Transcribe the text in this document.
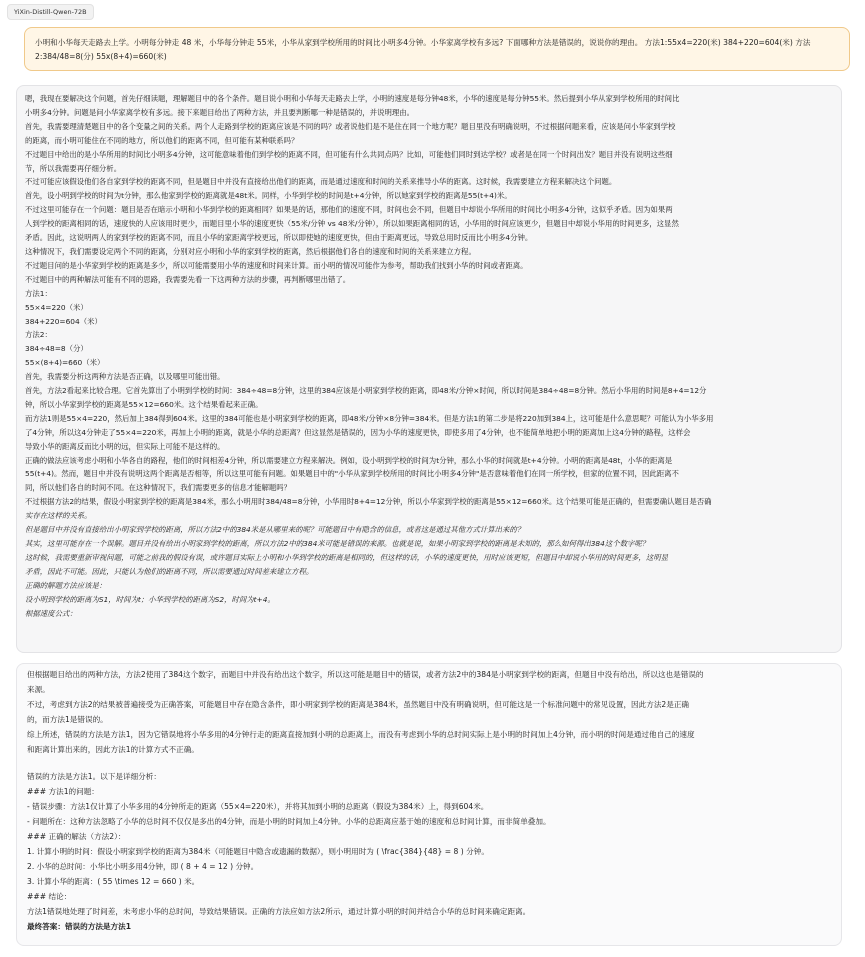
YiXin-Distill-Qwen-72B
小明和小华每天走路去上学。小明每分钟走 48 米，小华每分钟走 55米，小华从家到学校所用的时间比小明多4分钟。小华家离学校有多远? 下面哪种方法是错误的，说说你的理由。 方法1:55x4=220(米) 384+220=604(米) 方法2:384/48=8(分) 55x(8+4)=660(米)
嗯，我现在要解决这个问题，首先仔细读题，理解题目中的各个条件。题目说小明和小华每天走路去上学，小明的速度是每分钟48米，小华的速度是每分钟55米。然后提到小华从家到学校所用的时间比
小明多4分钟。问题是问小华家离学校有多远。接下来题目给出了两种方法，并且要判断哪一种是错误的，并说明理由。
首先，我需要理清楚题目中的各个变量之间的关系。两个人走路到学校的距离应该是不同的吗？或者说他们是不是住在同一个地方呢？题目里没有明确说明，不过根据问题来看，应该是问小华家到学校
的距离，而小明可能住在不同的地方，所以他们的距离不同，但可能有某种联系吗？
不过题目中给出的是小华所用的时间比小明多4分钟，这可能意味着他们到学校的距离不同，但可能有什么共同点吗？比如，可能他们同时到达学校？或者是在同一个时间出发？题目并没有说明这些细
节，所以我需要再仔细分析。
不过可能应该假设他们各自家到学校的距离不同，但是题目中并没有直接给出他们的距离，而是通过速度和时间的关系来推导小华的距离。这时候，我需要建立方程来解决这个问题。
首先，设小明到学校的时间为t分钟，那么他家到学校的距离就是48t米。同样，小华到学校的时间是t+4分钟，所以她家到学校的距离是55(t+4)米。
不过这里可能存在一个问题：题目是否在暗示小明和小华到学校的距离相同？如果是的话，那他们的速度不同，时间也会不同，但题目中却说小华所用的时间比小明多4分钟，这似乎矛盾。因为如果两
人到学校的距离相同的话，速度快的人应该用时更少，而题目里小华的速度更快（55米/分钟 vs 48米/分钟），所以如果距离相同的话，小华用的时间应该更少，但题目中却说小华用的时间更多，这显然
矛盾。因此，这说明两人的家到学校的距离不同，而且小华的家距离学校更远，所以即使她的速度更快，但由于距离更远，导致总用时反而比小明多4分钟。
这种情况下，我们需要设定两个不同的距离，分别对应小明和小华的家到学校的距离，然后根据他们各自的速度和时间的关系来建立方程。
不过题目问的是小华家到学校的距离是多少，所以可能需要用小华的速度和时间来计算。而小明的情况可能作为参考，帮助我们找到小华的时间或者距离。
不过题目中的两种解法可能有不同的思路，我需要先看一下这两种方法的步骤，再判断哪里出错了。
方法1：
55×4=220（米）
384+220=604（米）
方法2：
384÷48=8（分）
55×(8+4)=660（米）
首先，我需要分析这两种方法是否正确，以及哪里可能出错。
首先，方法2看起来比较合理。它首先算出了小明到学校的时间：384÷48=8分钟，这里的384应该是小明家到学校的距离，即48米/分钟×时间，所以时间是384÷48=8分钟。然后小华用的时间是8+4=12分
钟，所以小华家到学校的距离是55×12=660米。这个结果看起来正确。
而方法1则是55×4=220，然后加上384得到604米。这里的384可能也是小明家到学校的距离，即48米/分钟×8分钟=384米。但是方法1的第二步是将220加到384上，这可能是什么意思呢？可能认为小华多用
了4分钟，所以这4分钟走了55×4=220米，再加上小明的距离，就是小华的总距离？但这显然是错误的，因为小华的速度更快，即使多用了4分钟，也不能简单地把小明的距离加上这4分钟的路程，这样会
导致小华的距离反而比小明的远，但实际上可能不是这样的。
正确的做法应该考虑小明和小华各自的路程，他们的时间相差4分钟，所以需要建立方程来解决。例如，设小明到学校的时间为t分钟，那么小华的时间就是t+4分钟。小明的距离是48t，小华的距离是
55(t+4)。然而，题目中并没有说明这两个距离是否相等，所以这里可能有问题。如果题目中的"小华从家到学校所用的时间比小明多4分钟"是否意味着他们在同一所学校，但家的位置不同，因此距离不
同，所以他们各自的时间不同。在这种情况下，我们需要更多的信息才能解题吗？
不过根据方法2的结果，假设小明家到学校的距离是384米，那么小明用时384/48=8分钟，小华用时8+4=12分钟，所以小华家到学校的距离是55×12=660米。这个结果可能是正确的，但需要确认题目是否确
实存在这样的关系。
但是题目中并没有直接给出小明家到学校的距离，所以方法2中的384米是从哪里来的呢？可能题目中有隐含的信息，或者这是通过其他方式计算出来的？
其实，这里可能存在一个误解。题目并没有给出小明家到学校的距离，所以方法2中的384米可能是错误的来源。也就是说，如果小明家到学校的距离是未知的，那么如何得出384这个数字呢？
这时候，我需要重新审视问题，可能之前我的假设有误，或许题目实际上小明和小华到学校的距离是相同的，但这样的话，小华的速度更快，用时应该更短，但题目中却说小华用的时间更多，这明显
矛盾，因此不可能。因此，只能认为他们的距离不同，所以需要通过时间差来建立方程。
正确的解题方法应该是：
设小明到学校的距离为S1，时间为t；小华到学校的距离为S2，时间为t+4。
根据速度公式：
但根据题目给出的两种方法，方法2使用了384这个数字，而题目中并没有给出这个数字，所以这可能是题目中的错误，或者方法2中的384是小明家到学校的距离，但题目中没有给出，所以这也是错误的
来源。
不过，考虑到方法2的结果被普遍接受为正确答案，可能题目中存在隐含条件，即小明家到学校的距离是384米，虽然题目中没有明确说明，但可能这是一个标准问题中的常见设置，因此方法2是正确
的，而方法1是错误的。
综上所述，错误的方法是方法1，因为它错误地将小华多用的4分钟行走的距离直接加到小明的总距离上，而没有考虑到小华的总时间实际上是小明的时间加上4分钟，而小明的时间是通过他自己的速度
和距离计算出来的，因此方法1的计算方式不正确。
错误的方法是方法1。以下是详细分析：
### 方法1的问题：
- 错误步骤：方法1仅计算了小华多用的4分钟所走的距离（55×4=220米），并将其加到小明的总距离（假设为384米）上，得到604米。
- 问题所在：这种方法忽略了小华的总时间不仅仅是多出的4分钟，而是小明的时间加上4分钟。小华的总距离应基于她的速度和总时间计算，而非简单叠加。
### 正确的解法（方法2）：
1. 计算小明的时间：假设小明家到学校的距离为384米（可能题目中隐含或遗漏的数据），则小明用时为 ( \frac{384}{48} = 8 ) 分钟。
2. 小华的总时间：小华比小明多用4分钟，即 ( 8 + 4 = 12 ) 分钟。
3. 计算小华的距离：( 55 \times 12 = 660 ) 米。
### 结论：
方法1错误地处理了时间差，未考虑小华的总时间，导致结果错误。正确的方法应如方法2所示，通过计算小明的时间并结合小华的总时间来确定距离。
最终答案：错误的方法是方法1
